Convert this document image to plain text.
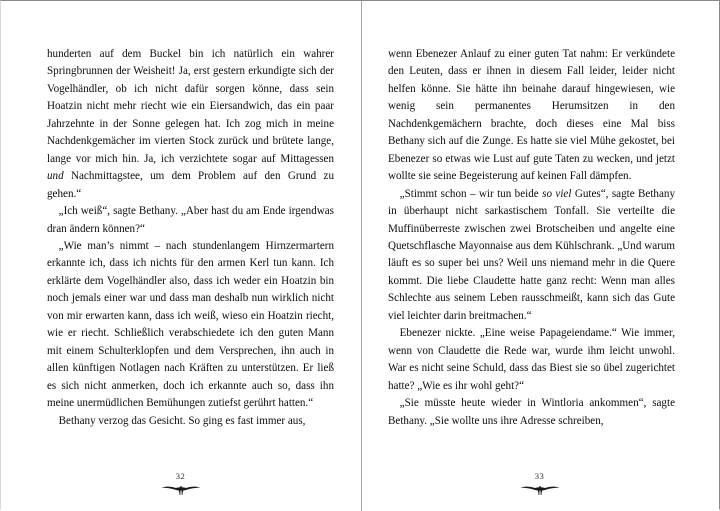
hunderten auf dem Buckel bin ich natürlich ein wahrer Springbrunnen der Weisheit! Ja, erst gestern erkundigte sich der Vogelhändler, ob ich nicht dafür sorgen könne, dass sein Hoatzin nicht mehr riecht wie ein Eiersandwich, das ein paar Jahrzehnte in der Sonne gelegen hat. Ich zog mich in meine Nachdenkgemächer im vierten Stock zurück und brütete lange, lange vor mich hin. Ja, ich verzichtete sogar auf Mittagessen und Nachmittagstee, um dem Problem auf den Grund zu gehen.“

„Ich weiß“, sagte Bethany. „Aber hast du am Ende irgendwas dran ändern können?“

„Wie man’s nimmt – nach stundenlangem Hirnzermartern erkannte ich, dass ich nichts für den armen Kerl tun kann. Ich erklärte dem Vogelhändler also, dass ich weder ein Hoatzin bin noch jemals einer war und dass man deshalb nun wirklich nicht von mir erwarten kann, dass ich weiß, wieso ein Hoatzin riecht, wie er riecht. Schließlich verabschiedete ich den guten Mann mit einem Schulterklopfen und dem Versprechen, ihn auch in allen künftigen Notlagen nach Kräften zu unterstützen. Er ließ es sich nicht anmerken, doch ich erkannte auch so, dass ihn meine unermüdlichen Bemühungen zutiefst gerührt hatten.“

Bethany verzog das Gesicht. So ging es fast immer aus,

32

wenn Ebenezer Anlauf zu einer guten Tat nahm: Er verkündete den Leuten, dass er ihnen in diesem Fall leider, leider nicht helfen könne. Sie hätte ihn beinahe darauf hingewiesen, wie wenig sein permanentes Herumsitzen in den Nachdenkgemächern brachte, doch dieses eine Mal biss Bethany sich auf die Zunge. Es hatte sie viel Mühe gekostet, bei Ebenezer so etwas wie Lust auf gute Taten zu wecken, und jetzt wollte sie seine Begeisterung auf keinen Fall dämpfen.

„Stimmt schon – wir tun beide so viel Gutes“, sagte Bethany in überhaupt nicht sarkastischem Tonfall. Sie verteilte die Muffinüberreste zwischen zwei Brotscheiben und angelte eine Quetschflasche Mayonnaise aus dem Kühlschrank. „Und warum läuft es so super bei uns? Weil uns niemand mehr in die Quere kommt. Die liebe Claudette hatte ganz recht: Wenn man alles Schlechte aus seinem Leben rausschmeißt, kann sich das Gute viel leichter darin breitmachen.“

Ebenezer nickte. „Eine weise Papageiendame.“ Wie immer, wenn von Claudette die Rede war, wurde ihm leicht unwohl. War es nicht seine Schuld, dass das Biest sie so übel zugerichtet hatte? „Wie es ihr wohl geht?“

„Sie müsste heute wieder in Wintloria ankommen“, sagte Bethany. „Sie wollte uns ihre Adresse schreiben,

33
